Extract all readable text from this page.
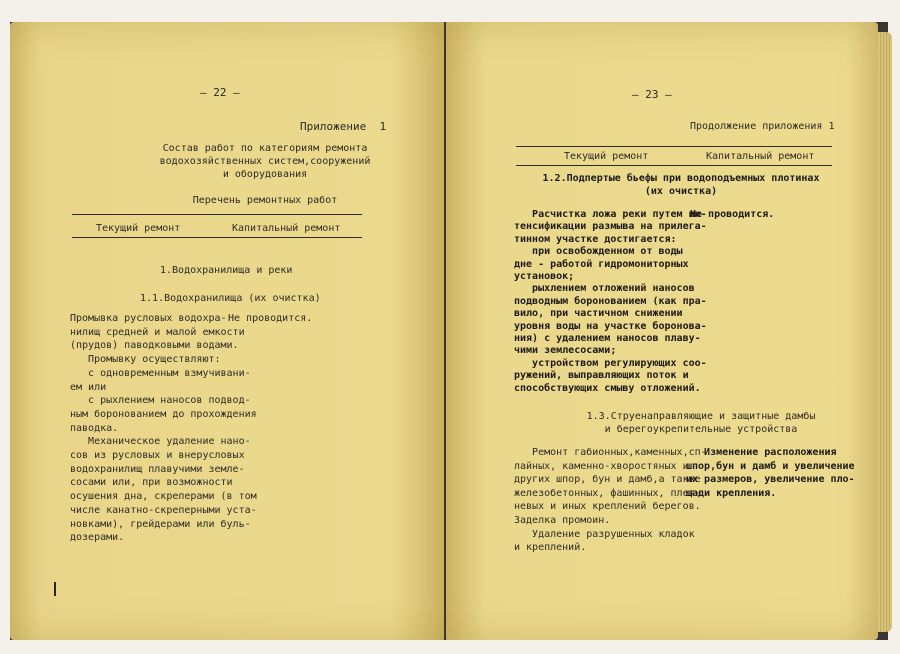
— 22 —
Приложение  1
Состав работ по категориям ремонта
водохозяйственных систем,сооружений
и оборудования
Перечень ремонтных работ
Текущий ремонт	Капитальный ремонт
1.Водохранилища и реки
1.1.Водохранилища (их очистка)
Промывка русловых водохра-
нилищ средней и малой емкости
(прудов) паводковыми водами.
Промывку осуществляют:
с одновременным взмучивани-
ем или
с рыхлением наносов подвод-
ным боронованием до прохождения
паводка.
Механическое удаление нано-
сов из русловых и внерусловых
водохранилищ плавучими земле-
сосами или, при возможности
осушения дна, скреперами (в том
числе канатно-скреперными уста-
новками), грейдерами или буль-
дозерами.
Не проводится.
— 23 —
Продолжение приложения 1
Текущий ремонт	Капитальный ремонт
1.2.Подпертые бьефы при водоподъемных плотинах
(их очистка)
Расчистка ложа реки путем ин-
тенсификации размыва на прилега-
тинном участке достигается:
при освобожденном от воды
дне - работой гидромониторных
установок;
рыхлением отложений наносов
подводным боронованием (как пра-
вило, при частичном снижении
уровня воды на участке боронова-
ния) с удалением наносов плаву-
чими землесосами;
устройством регулирующих соо-
ружений, выправляющих поток и
способствующих смыву отложений.
Не проводится.
1.3.Струенаправляющие и защитные дамбы
и берегоукрепительные устройства
Ремонт габионных,каменных,сп-
лайных, каменно-хворостяных и
других шпор, бун и дамб,а также
железобетонных, фашинных, плет-
невых и иных креплений берегов.
Заделка промоин.
Удаление разрушенных кладок
и креплений.
Изменение расположения
шпор,бун и дамб и увеличение
их размеров, увеличение пло-
щади крепления.
